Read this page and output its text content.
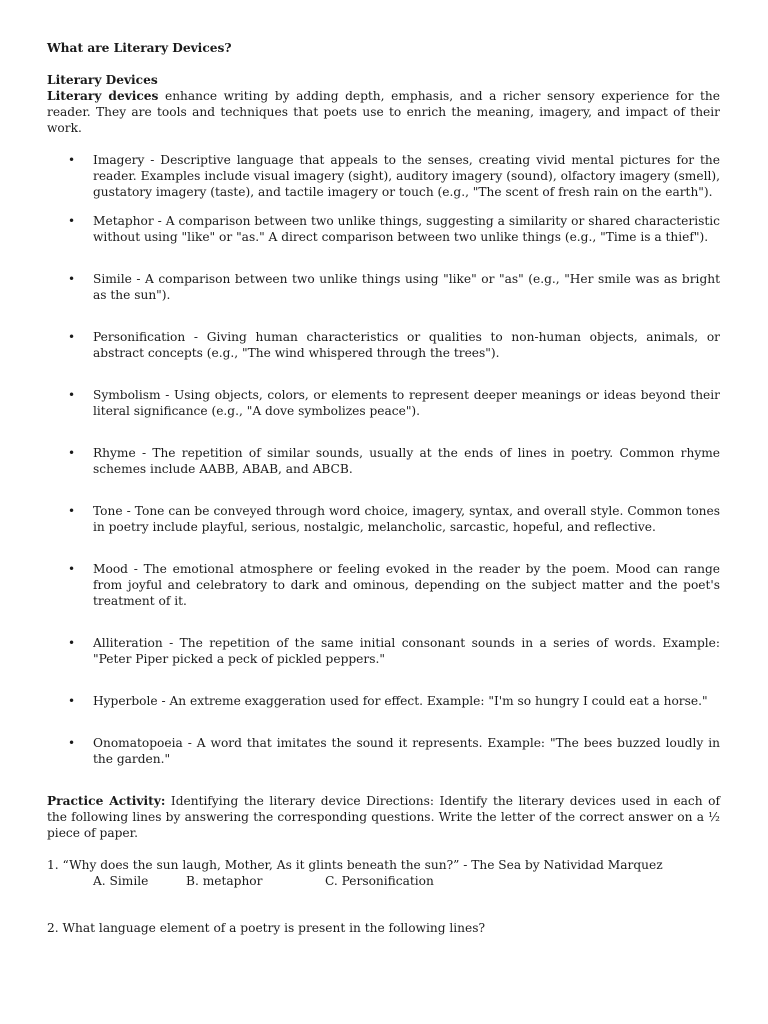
What are Literary Devices?

Literary Devices

Literary devices enhance writing by adding depth, emphasis, and a richer sensory experience for the reader. They are tools and techniques that poets use to enrich the meaning, imagery, and impact of their work.

• Imagery - Descriptive language that appeals to the senses, creating vivid mental pictures for the reader. Examples include visual imagery (sight), auditory imagery (sound), olfactory imagery (smell), gustatory imagery (taste), and tactile imagery or touch (e.g., "The scent of fresh rain on the earth").
• Metaphor - A comparison between two unlike things, suggesting a similarity or shared characteristic without using "like" or "as." A direct comparison between two unlike things (e.g., "Time is a thief").
• Simile - A comparison between two unlike things using "like" or "as" (e.g., "Her smile was as bright as the sun").
• Personification - Giving human characteristics or qualities to non-human objects, animals, or abstract concepts (e.g., "The wind whispered through the trees").
• Symbolism - Using objects, colors, or elements to represent deeper meanings or ideas beyond their literal significance (e.g., "A dove symbolizes peace").
• Rhyme - The repetition of similar sounds, usually at the ends of lines in poetry. Common rhyme schemes include AABB, ABAB, and ABCB.
• Tone - Tone can be conveyed through word choice, imagery, syntax, and overall style. Common tones in poetry include playful, serious, nostalgic, melancholic, sarcastic, hopeful, and reflective.
• Mood - The emotional atmosphere or feeling evoked in the reader by the poem. Mood can range from joyful and celebratory to dark and ominous, depending on the subject matter and the poet's treatment of it.
• Alliteration - The repetition of the same initial consonant sounds in a series of words. Example: "Peter Piper picked a peck of pickled peppers."
• Hyperbole - An extreme exaggeration used for effect. Example: "I'm so hungry I could eat a horse."
• Onomatopoeia - A word that imitates the sound it represents. Example: "The bees buzzed loudly in the garden."

Practice Activity: Identifying the literary device Directions: Identify the literary devices used in each of the following lines by answering the corresponding questions. Write the letter of the correct answer on a ½ piece of paper.

1. “Why does the sun laugh, Mother, As it glints beneath the sun?” - The Sea by Natividad Marquez

A. Simile	B. metaphor	C. Personification

2. What language element of a poetry is present in the following lines?
